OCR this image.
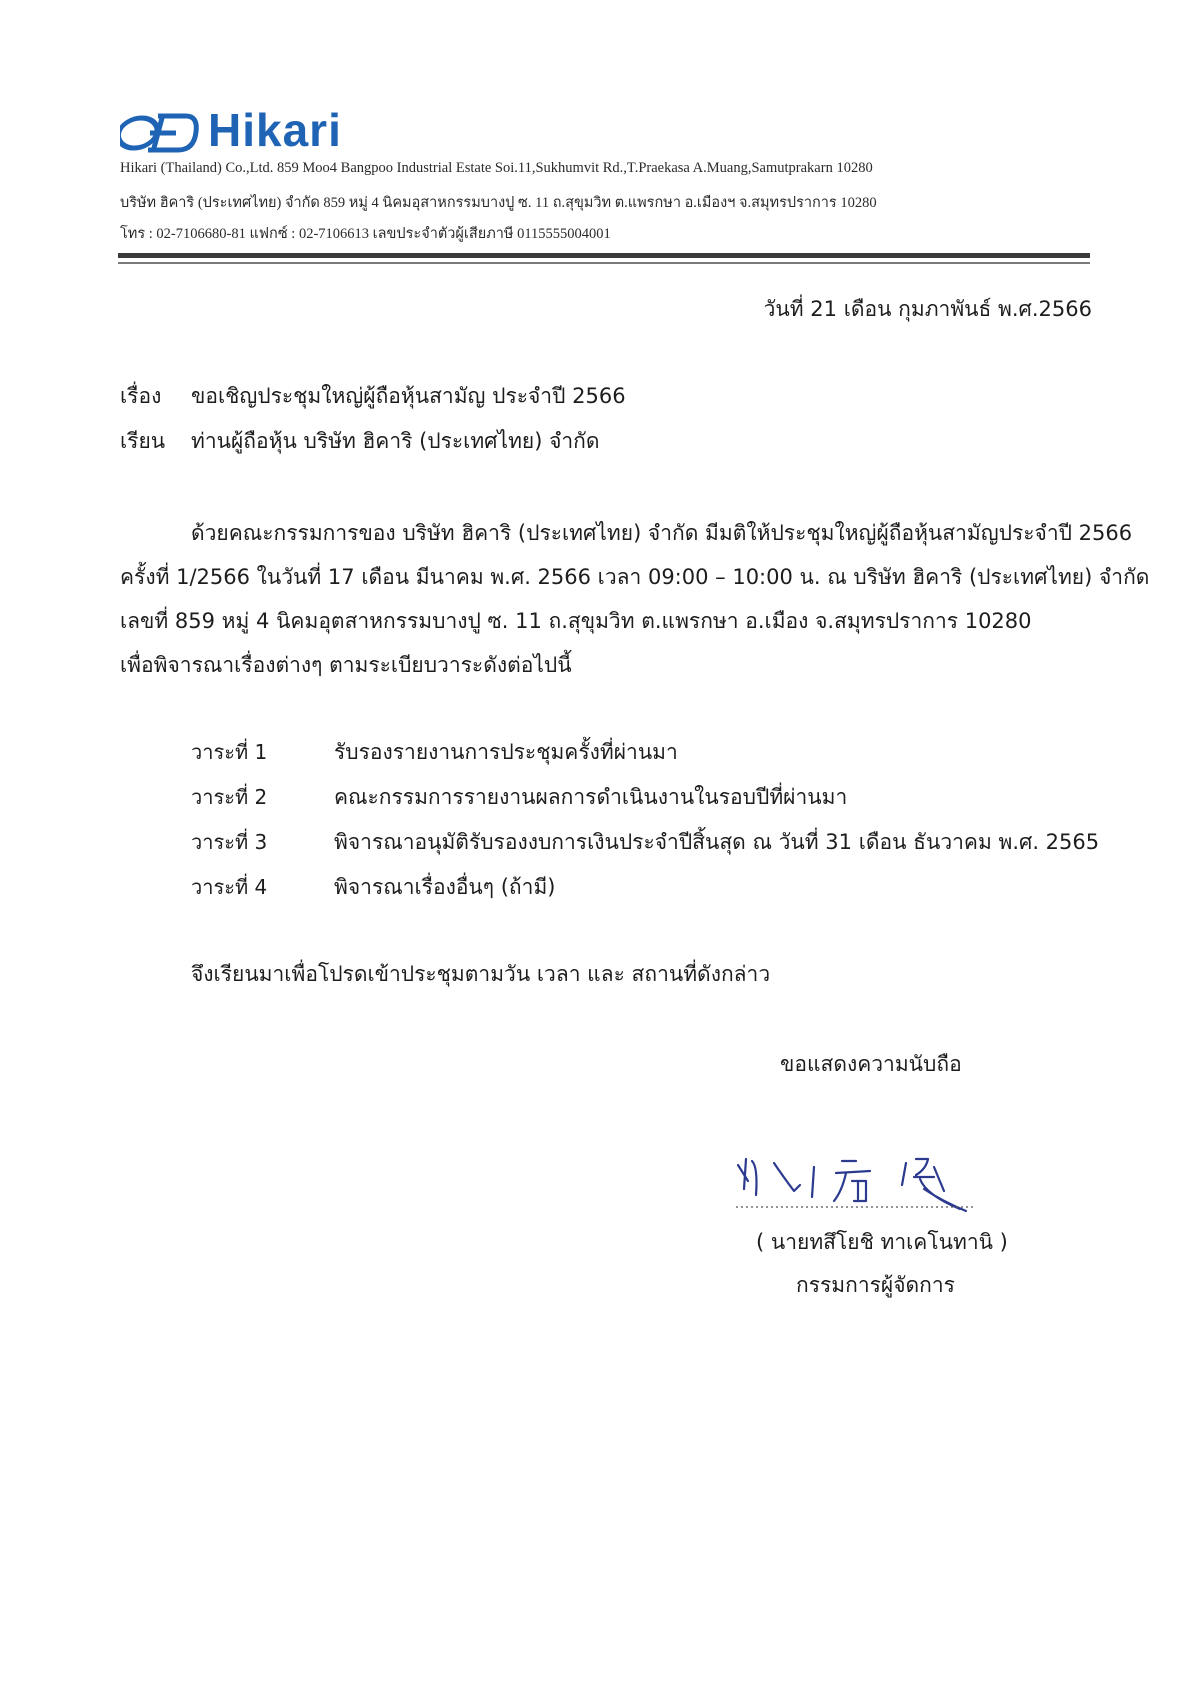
Hikari
Hikari (Thailand) Co.,Ltd. 859 Moo4 Bangpoo Industrial Estate Soi.11,Sukhumvit Rd.,T.Praekasa A.Muang,Samutprakarn 10280
บริษัท ฮิคาริ (ประเทศไทย) จำกัด 859 หมู่ 4 นิคมอุสาหกรรมบางปู ซ. 11 ถ.สุขุมวิท ต.แพรกษา อ.เมืองฯ จ.สมุทรปราการ 10280
โทร : 02-7106680-81 แฟกซ์ : 02-7106613 เลขประจำตัวผู้เสียภาษี 0115555004001
วันที่ 21 เดือน กุมภาพันธ์ พ.ศ.2566
เรื่อง ขอเชิญประชุมใหญ่ผู้ถือหุ้นสามัญ ประจำปี 2566
เรียน ท่านผู้ถือหุ้น บริษัท ฮิคาริ (ประเทศไทย) จำกัด
ด้วยคณะกรรมการของ บริษัท ฮิคาริ (ประเทศไทย) จำกัด มีมติให้ประชุมใหญ่ผู้ถือหุ้นสามัญประจำปี 2566
ครั้งที่ 1/2566 ในวันที่ 17 เดือน มีนาคม พ.ศ. 2566 เวลา 09:00 – 10:00 น. ณ บริษัท ฮิคาริ (ประเทศไทย) จำกัด
เลขที่ 859 หมู่ 4 นิคมอุตสาหกรรมบางปู ซ. 11 ถ.สุขุมวิท ต.แพรกษา อ.เมือง จ.สมุทรปราการ 10280
เพื่อพิจารณาเรื่องต่างๆ ตามระเบียบวาระดังต่อไปนี้
วาระที่ 1	รับรองรายงานการประชุมครั้งที่ผ่านมา
วาระที่ 2	คณะกรรมการรายงานผลการดำเนินงานในรอบปีที่ผ่านมา
วาระที่ 3	พิจารณาอนุมัติรับรองงบการเงินประจำปีสิ้นสุด ณ วันที่ 31 เดือน ธันวาคม พ.ศ. 2565
วาระที่ 4	พิจารณาเรื่องอื่นๆ (ถ้ามี)
จึงเรียนมาเพื่อโปรดเข้าประชุมตามวัน เวลา และ สถานที่ดังกล่าว
ขอแสดงความนับถือ
( นายทสึโยชิ ทาเคโนทานิ )
กรรมการผู้จัดการ
